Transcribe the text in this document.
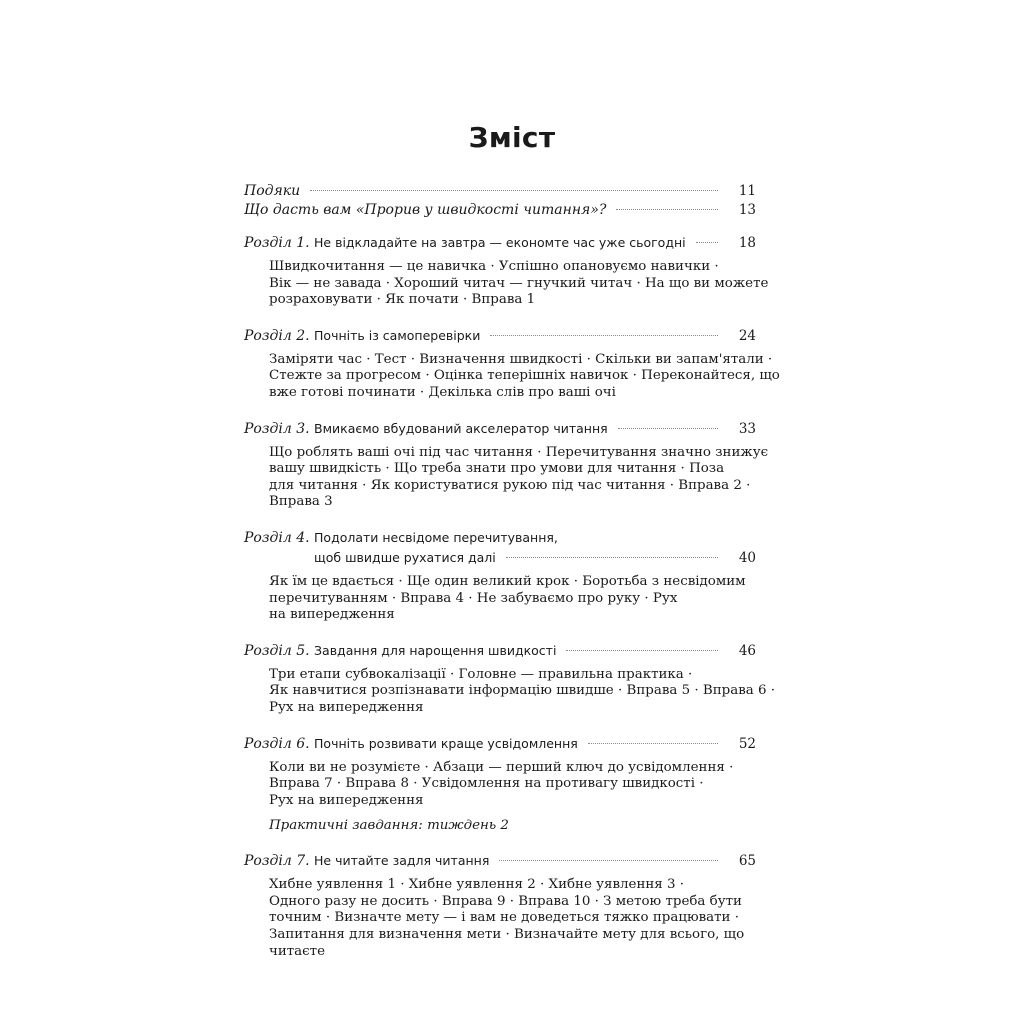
Зміст
Подяки	11
Що дасть вам «Прорив у швидкості читання»?	13
Розділ 1. Не відкладайте на завтра — економте час уже сьогодні	18
Швидкочитання — це навичка · Успішно опановуємо навички ·
Вік — не завада · Хороший читач — гнучкий читач · На що ви можете
розраховувати · Як почати · Вправа 1
Розділ 2. Почніть із самоперевірки	24
Заміряти час · Тест · Визначення швидкості · Скільки ви запам'ятали ·
Стежте за прогресом · Оцінка теперішніх навичок · Переконайтеся, що
вже готові починати · Декілька слів про ваші очі
Розділ 3. Вмикаємо вбудований акселератор читання	33
Що роблять ваші очі під час читання · Перечитування значно знижує
вашу швидкість · Що треба знати про умови для читання · Поза
для читання · Як користуватися рукою під час читання · Вправа 2 ·
Вправа 3
Розділ 4. Подолати несвідоме перечитування,
щоб швидше рухатися далі	40
Як їм це вдається · Ще один великий крок · Боротьба з несвідомим
перечитуванням · Вправа 4 · Не забуваємо про руку · Рух
на випередження
Розділ 5. Завдання для нарощення швидкості	46
Три етапи субвокалізації · Головне — правильна практика ·
Як навчитися розпізнавати інформацію швидше · Вправа 5 · Вправа 6 ·
Рух на випередження
Розділ 6. Почніть розвивати краще усвідомлення	52
Коли ви не розумієте · Абзаци — перший ключ до усвідомлення ·
Вправа 7 · Вправа 8 · Усвідомлення на противагу швидкості ·
Рух на випередження
Практичні завдання: тиждень 2
Розділ 7. Не читайте задля читання	65
Хибне уявлення 1 · Хибне уявлення 2 · Хибне уявлення 3 ·
Одного разу не досить · Вправа 9 · Вправа 10 · З метою треба бути
точним · Визначте мету — і вам не доведеться тяжко працювати ·
Запитання для визначення мети · Визначайте мету для всього, що
читаєте
